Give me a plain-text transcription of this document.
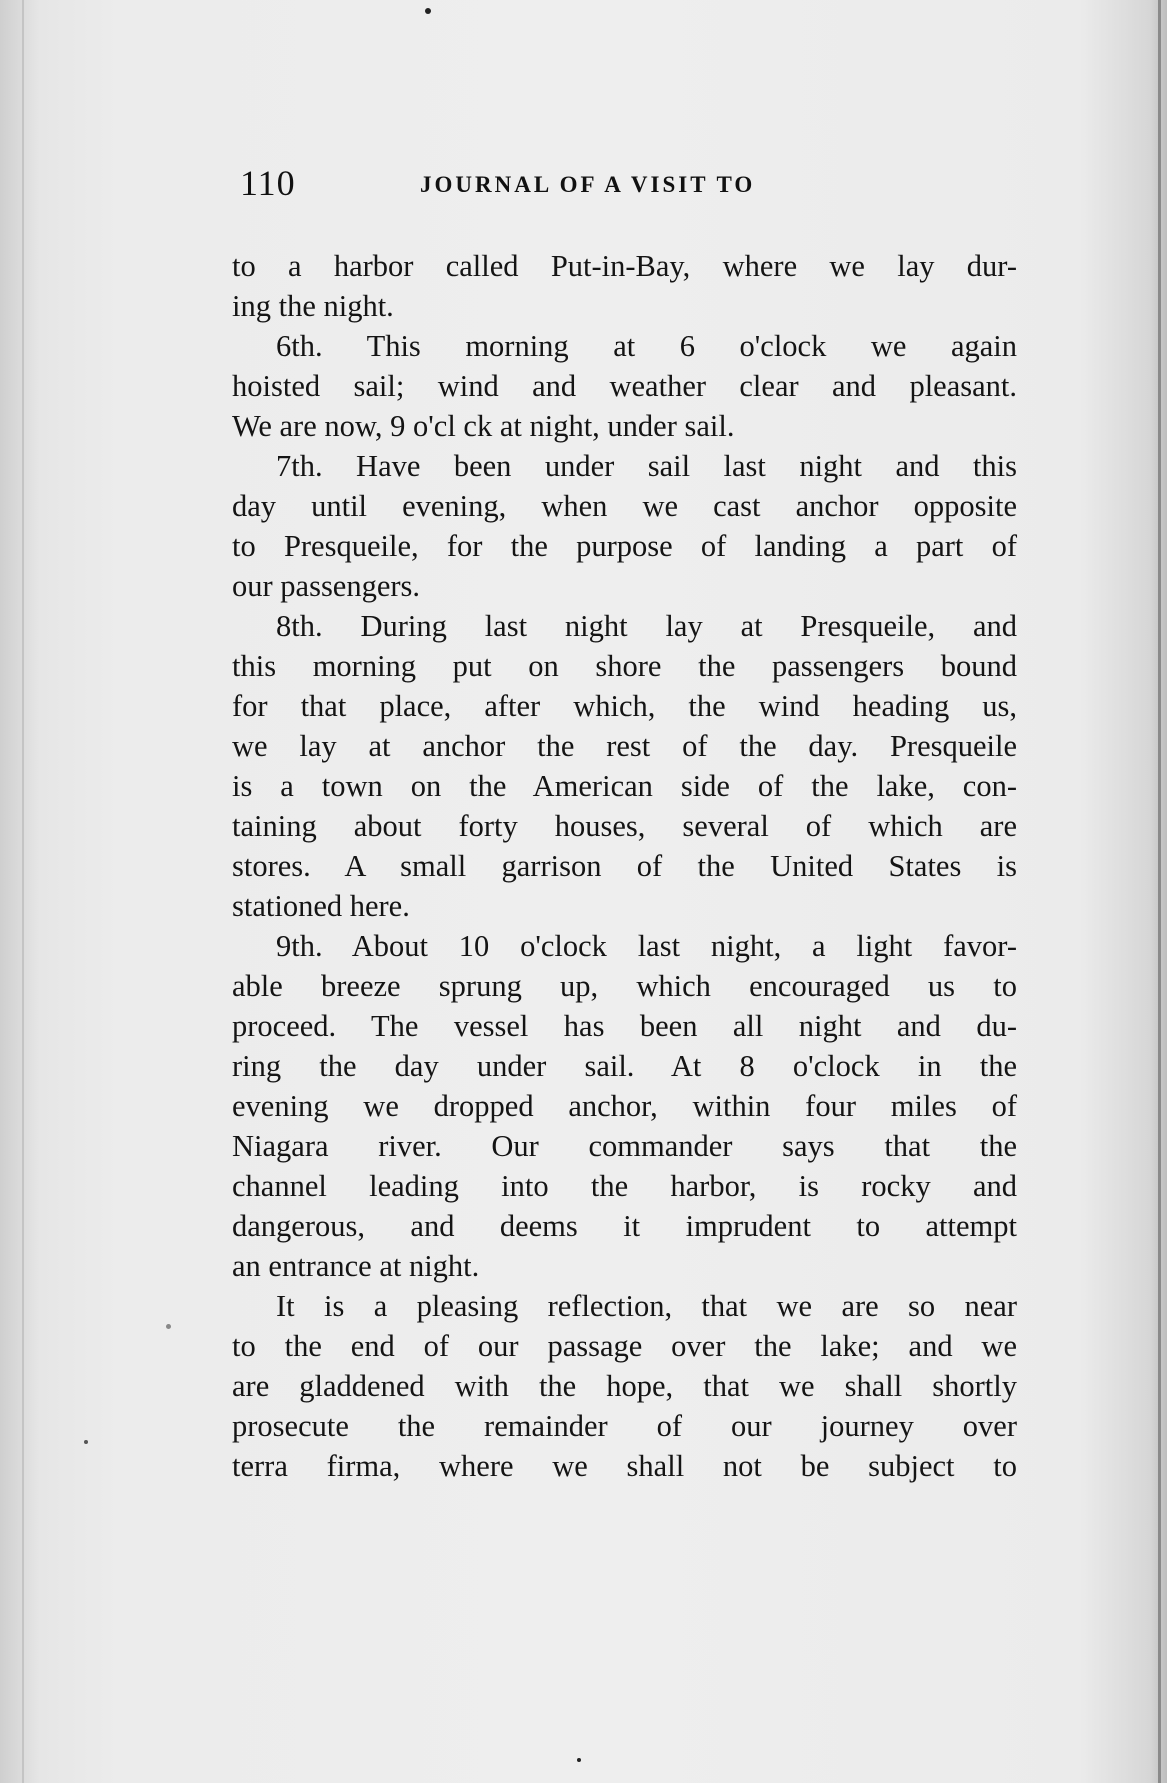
110	JOURNAL OF A VISIT TO
to a harbor called Put-in-Bay, where we lay dur-
ing the night.
6th. This morning at 6 o'clock we again
hoisted sail; wind and weather clear and pleasant.
We are now, 9 o'cl ck at night, under sail.
7th. Have been under sail last night and this
day until evening, when we cast anchor opposite
to Presqueile, for the purpose of landing a part of
our passengers.
8th. During last night lay at Presqueile, and
this morning put on shore the passengers bound
for that place, after which, the wind heading us,
we lay at anchor the rest of the day. Presqueile
is a town on the American side of the lake, con-
taining about forty houses, several of which are
stores. A small garrison of the United States is
stationed here.
9th. About 10 o'clock last night, a light favor-
able breeze sprung up, which encouraged us to
proceed. The vessel has been all night and du-
ring the day under sail. At 8 o'clock in the
evening we dropped anchor, within four miles of
Niagara river. Our commander says that the
channel leading into the harbor, is rocky and
dangerous, and deems it imprudent to attempt
an entrance at night.
It is a pleasing reflection, that we are so near
to the end of our passage over the lake; and we
are gladdened with the hope, that we shall shortly
prosecute the remainder of our journey over
terra firma, where we shall not be subject to
